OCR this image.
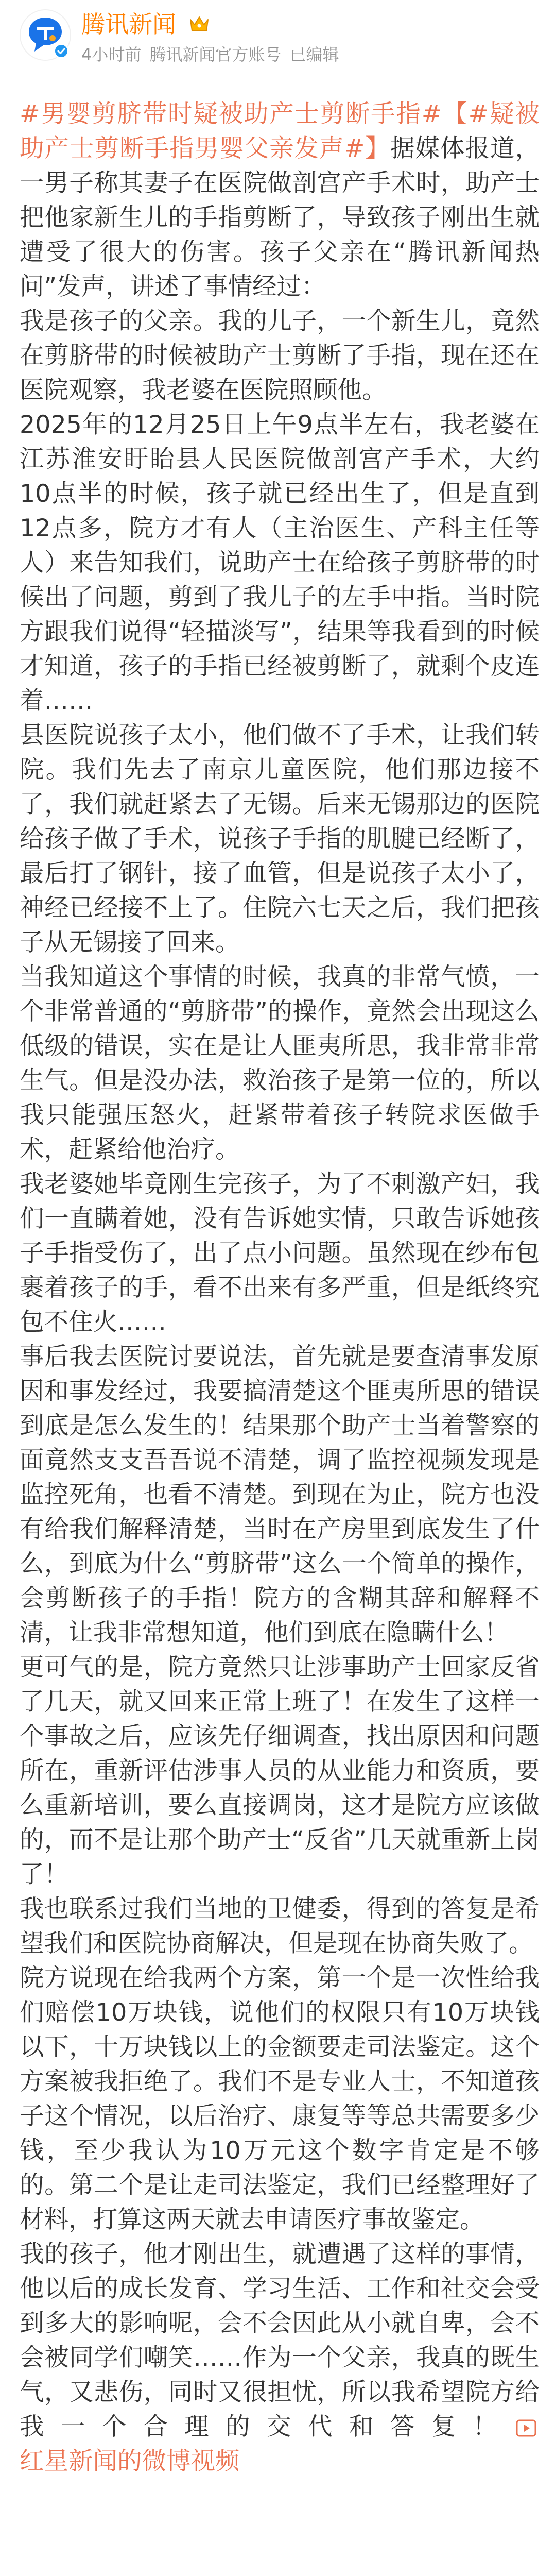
腾讯新闻
4小时前 腾讯新闻官方账号 已编辑

#男婴剪脐带时疑被助产士剪断手指#【#疑被助产士剪断手指男婴父亲发声#】据媒体报道，一男子称其妻子在医院做剖宫产手术时，助产士把他家新生儿的手指剪断了，导致孩子刚出生就遭受了很大的伤害。孩子父亲在“腾讯新闻热问”发声，讲述了事情经过：

我是孩子的父亲。我的儿子，一个新生儿，竟然在剪脐带的时候被助产士剪断了手指，现在还在医院观察，我老婆在医院照顾他。

2025年的12月25日上午9点半左右，我老婆在江苏淮安盱眙县人民医院做剖宫产手术，大约10点半的时候，孩子就已经出生了，但是直到12点多，院方才有人（主治医生、产科主任等人）来告知我们，说助产士在给孩子剪脐带的时候出了问题，剪到了我儿子的左手中指。当时院方跟我们说得“轻描淡写”，结果等我看到的时候才知道，孩子的手指已经被剪断了，就剩个皮连着……

县医院说孩子太小，他们做不了手术，让我们转院。我们先去了南京儿童医院，他们那边接不了，我们就赶紧去了无锡。后来无锡那边的医院给孩子做了手术，说孩子手指的肌腱已经断了，最后打了钢针，接了血管，但是说孩子太小了，神经已经接不上了。住院六七天之后，我们把孩子从无锡接了回来。

当我知道这个事情的时候，我真的非常气愤，一个非常普通的“剪脐带”的操作，竟然会出现这么低级的错误，实在是让人匪夷所思，我非常非常生气。但是没办法，救治孩子是第一位的，所以我只能强压怒火，赶紧带着孩子转院求医做手术，赶紧给他治疗。

我老婆她毕竟刚生完孩子，为了不刺激产妇，我们一直瞒着她，没有告诉她实情，只敢告诉她孩子手指受伤了，出了点小问题。虽然现在纱布包裹着孩子的手，看不出来有多严重，但是纸终究包不住火……

事后我去医院讨要说法，首先就是要查清事发原因和事发经过，我要搞清楚这个匪夷所思的错误到底是怎么发生的！结果那个助产士当着警察的面竟然支支吾吾说不清楚，调了监控视频发现是监控死角，也看不清楚。到现在为止，院方也没有给我们解释清楚，当时在产房里到底发生了什么，到底为什么“剪脐带”这么一个简单的操作，会剪断孩子的手指！院方的含糊其辞和解释不清，让我非常想知道，他们到底在隐瞒什么！

更可气的是，院方竟然只让涉事助产士回家反省了几天，就又回来正常上班了！在发生了这样一个事故之后，应该先仔细调查，找出原因和问题所在，重新评估涉事人员的从业能力和资质，要么重新培训，要么直接调岗，这才是院方应该做的，而不是让那个助产士“反省”几天就重新上岗了！

我也联系过我们当地的卫健委，得到的答复是希望我们和医院协商解决，但是现在协商失败了。

院方说现在给我两个方案，第一个是一次性给我们赔偿10万块钱，说他们的权限只有10万块钱以下，十万块钱以上的金额要走司法鉴定。这个方案被我拒绝了。我们不是专业人士，不知道孩子这个情况，以后治疗、康复等等总共需要多少钱，至少我认为10万元这个数字肯定是不够的。第二个是让走司法鉴定，我们已经整理好了材料，打算这两天就去申请医疗事故鉴定。

我的孩子，他才刚出生，就遭遇了这样的事情，他以后的成长发育、学习生活、工作和社交会受到多大的影响呢，会不会因此从小就自卑，会不会被同学们嘲笑……作为一个父亲，我真的既生气，又悲伤，同时又很担忧，所以我希望院方给我一个合理的交代和答复！红星新闻的微博视频
